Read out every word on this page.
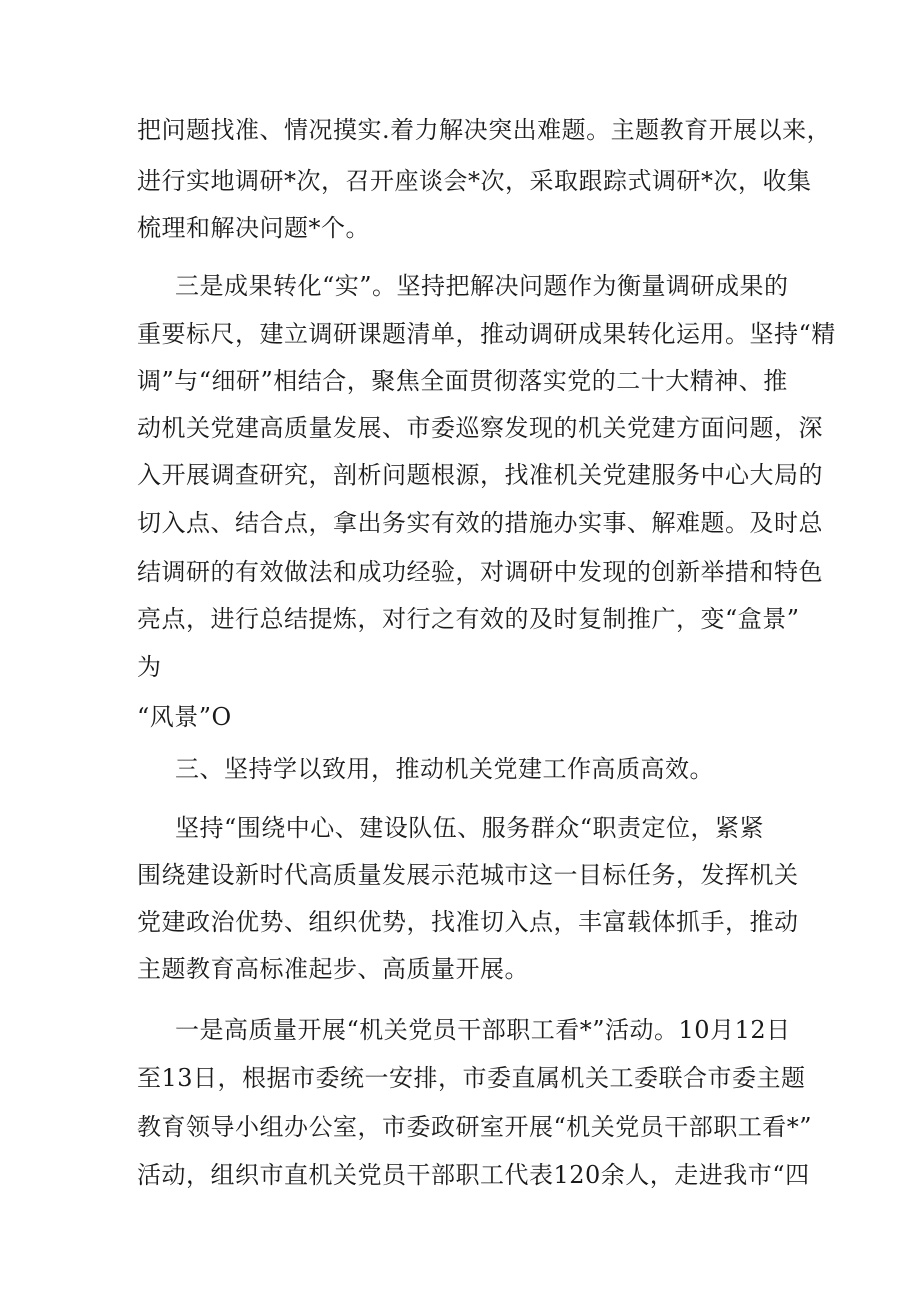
把问题找准、情况摸实.着力解决突出难题。主题教育开展以来，
进行实地调研*次，召开座谈会*次，采取跟踪式调研*次，收集
梳理和解决问题*个。
三是成果转化“实”。坚持把解决问题作为衡量调研成果的
重要标尺，建立调研课题清单，推动调研成果转化运用。坚持“精
调”与“细研”相结合，聚焦全面贯彻落实党的二十大精神、推
动机关党建高质量发展、市委巡察发现的机关党建方面问题，深
入开展调查研究，剖析问题根源，找准机关党建服务中心大局的
切入点、结合点，拿出务实有效的措施办实事、解难题。及时总
结调研的有效做法和成功经验，对调研中发现的创新举措和特色
亮点，进行总结提炼，对行之有效的及时复制推广，变“盒景”
为
“风景”O
三、坚持学以致用，推动机关党建工作高质高效。
坚持“围绕中心、建设队伍、服务群众“职责定位，紧紧
围绕建设新时代高质量发展示范城市这一目标任务，发挥机关
党建政治优势、组织优势，找准切入点，丰富载体抓手，推动
主题教育高标准起步、高质量开展。
一是高质量开展“机关党员干部职工看*”活动。10月12日
至13日，根据市委统一安排，市委直属机关工委联合市委主题
教育领导小组办公室，市委政研室开展“机关党员干部职工看*”
活动，组织市直机关党员干部职工代表120余人，走进我市“四
